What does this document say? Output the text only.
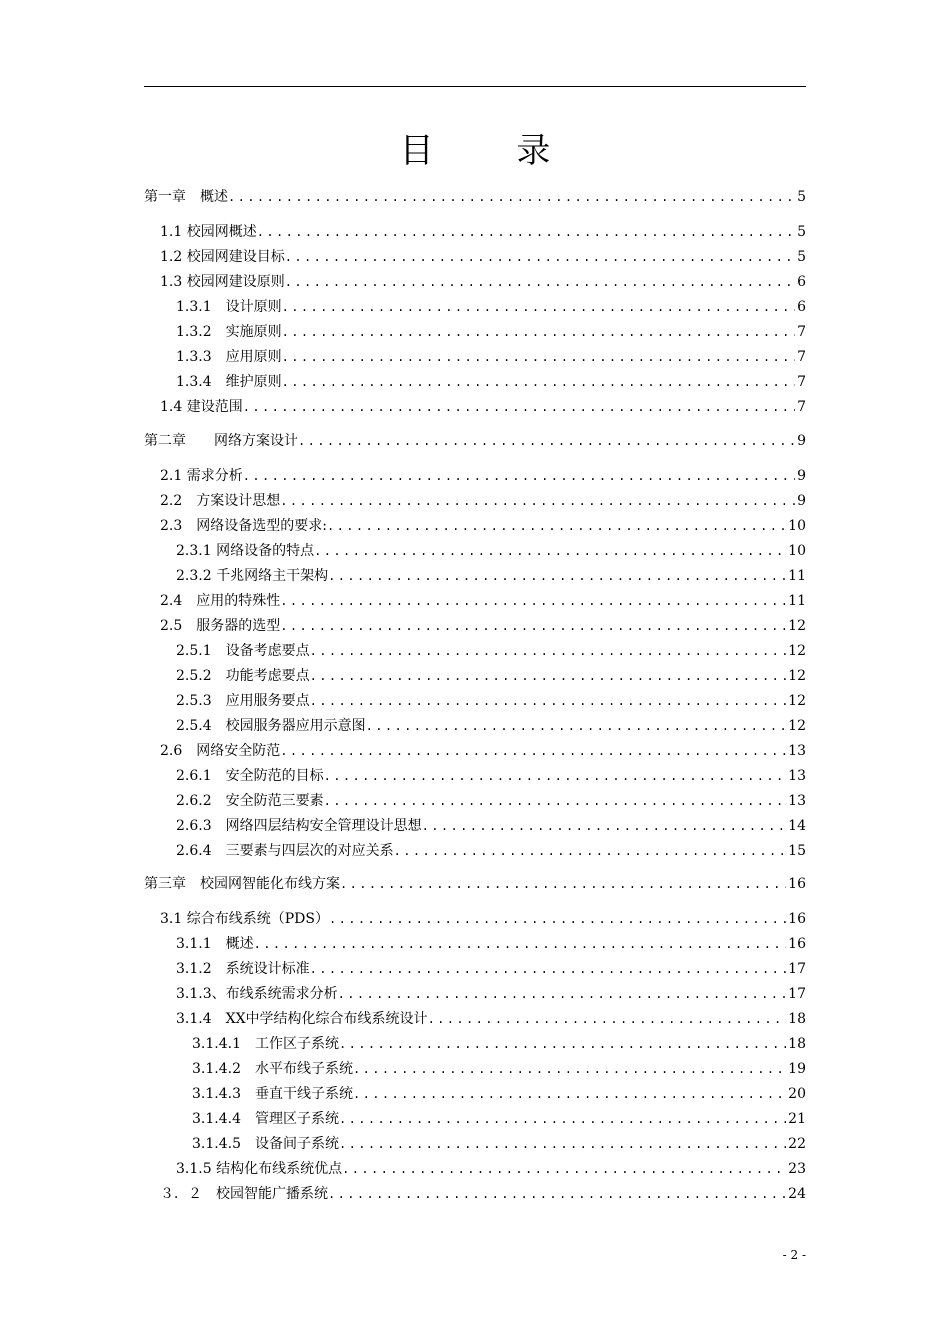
目 录
第一章　概述 .....	5
1.1 校园网概述 .....	5
1.2 校园网建设目标 .....	5
1.3 校园网建设原则 .....	6
1.3.1　设计原则 .....	6
1.3.2　实施原则 .....	7
1.3.3　应用原则 .....	7
1.3.4　维护原则 .....	7
1.4 建设范围 .....	7
第二章　　网络方案设计 .....	9
2.1 需求分析 .....	9
2.2　方案设计思想 .....	9
2.3　网络设备选型的要求: .....	10
2.3.1 网络设备的特点 .....	10
2.3.2 千兆网络主干架构 .....	11
2.4　应用的特殊性 .....	11
2.5　服务器的选型 .....	12
2.5.1　设备考虑要点 .....	12
2.5.2　功能考虑要点 .....	12
2.5.3　应用服务要点 .....	12
2.5.4　校园服务器应用示意图 .....	12
2.6　网络安全防范 .....	13
2.6.1　安全防范的目标 .....	13
2.6.2　安全防范三要素 .....	13
2.6.3　网络四层结构安全管理设计思想 .....	14
2.6.4　三要素与四层次的对应关系 .....	15
第三章　校园网智能化布线方案 .....	16
3.1 综合布线系统（PDS） .....	16
3.1.1　概述 .....	16
3.1.2　系统设计标准 .....	17
3.1.3、布线系统需求分析 .....	17
3.1.4　XX中学结构化综合布线系统设计 .....	18
3.1.4.1　工作区子系统 .....	18
3.1.4.2　水平布线子系统 .....	19
3.1.4.3　垂直干线子系统 .....	20
3.1.4.4　管理区子系统 .....	21
3.1.4.5　设备间子系统 .....	22
3.1.5 结构化布线系统优点 .....	23
３．２　校园智能广播系统 .....	24
- 2 -
